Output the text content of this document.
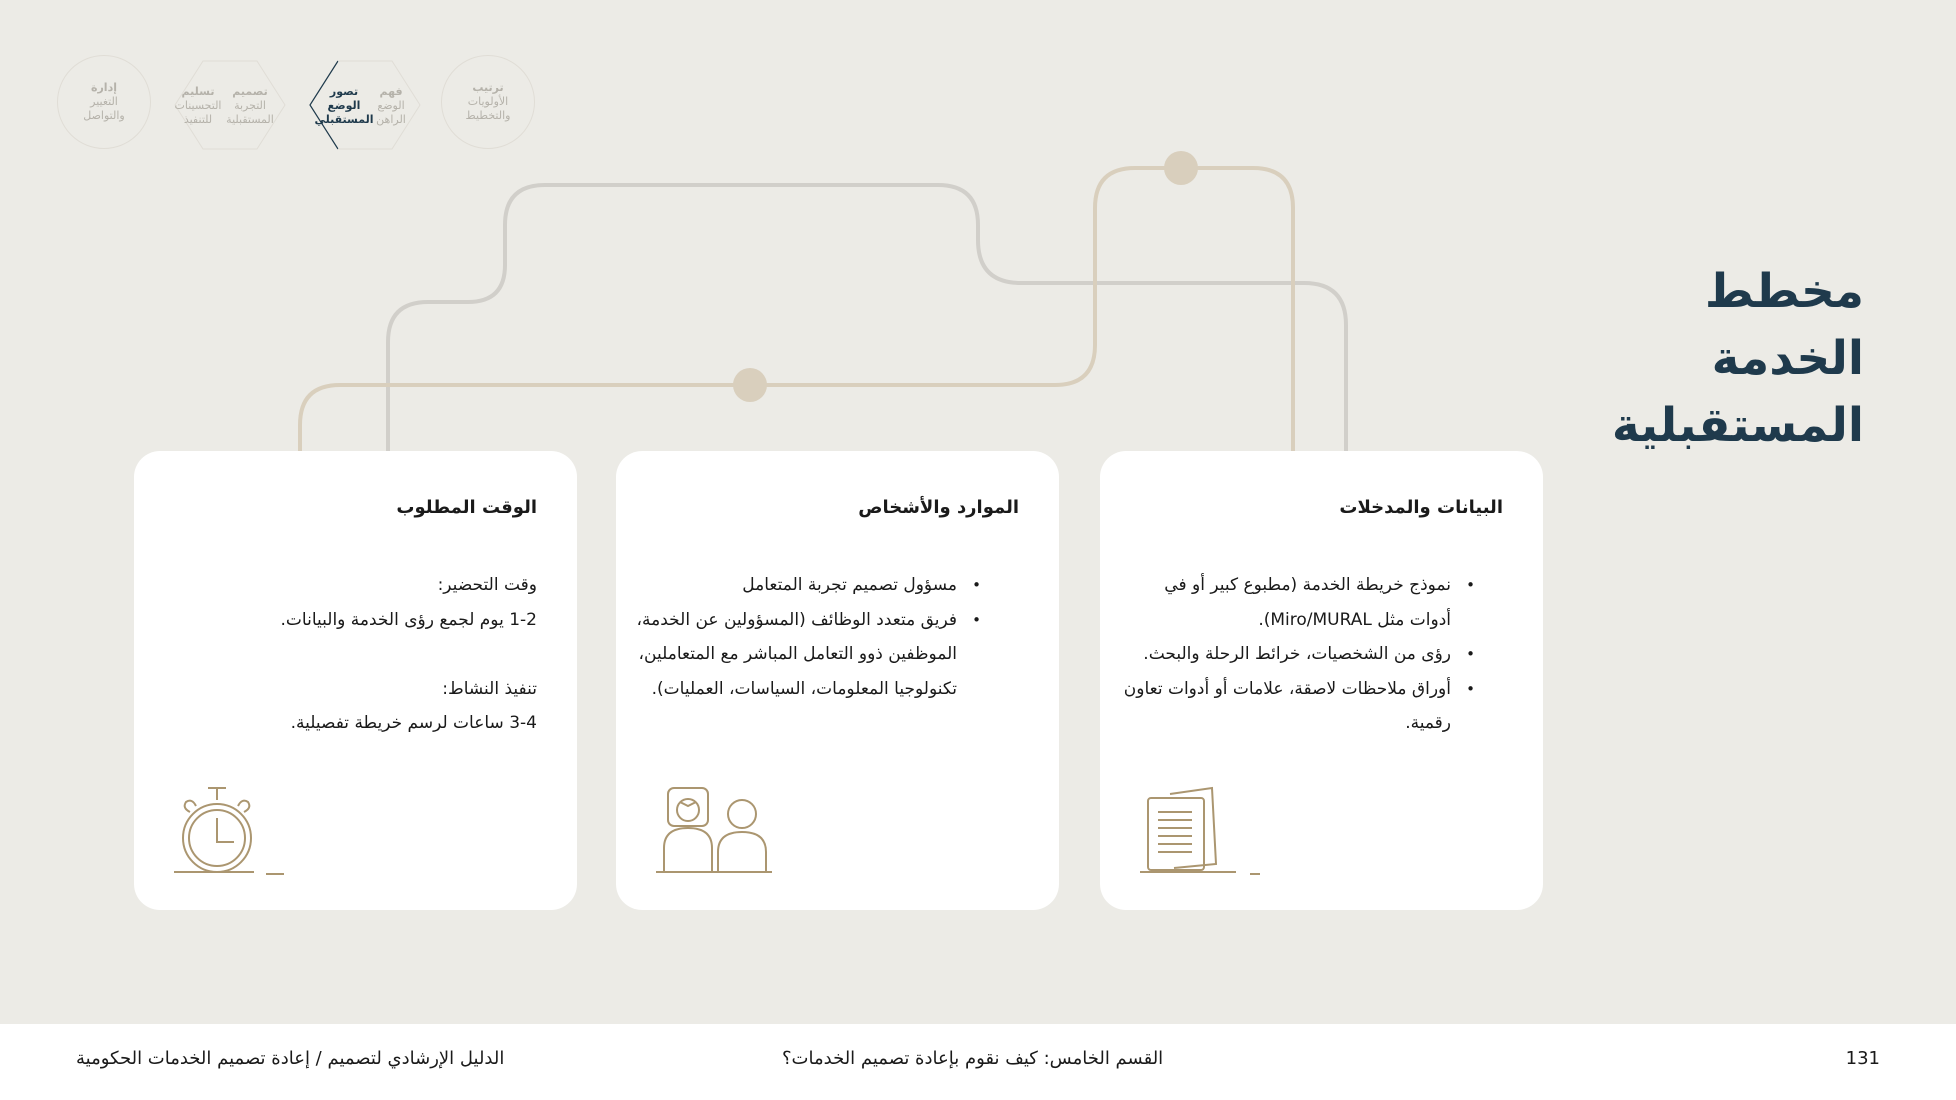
ترتيب
الأولويات
والتخطيط
فهم
الوضع
الراهن
تصور
الوضع
المستقبلي
تصميم
التجربة
المستقبلية
تسليم
التحسينات
للتنفيذ
إدارة
التغيير
والتواصل
مخطط
الخدمة
المستقبلية
البيانات والمدخلات
• نموذج خريطة الخدمة (مطبوع كبير أو في أدوات مثل Miro/MURAL).
• رؤى من الشخصيات، خرائط الرحلة والبحث.
• أوراق ملاحظات لاصقة، علامات أو أدوات تعاون رقمية.
الموارد والأشخاص
• مسؤول تصميم تجربة المتعامل
• فريق متعدد الوظائف (المسؤولين عن الخدمة، الموظفين ذوو التعامل المباشر مع المتعاملين، تكنولوجيا المعلومات، السياسات، العمليات).
الوقت المطلوب

وقت التحضير:

1-2 يوم لجمع رؤى الخدمة والبيانات.

تنفيذ النشاط:

3-4 ساعات لرسم خريطة تفصيلية.

131
القسم الخامس: كيف نقوم بإعادة تصميم الخدمات؟
الدليل الإرشادي لتصميم / إعادة تصميم الخدمات الحكومية
